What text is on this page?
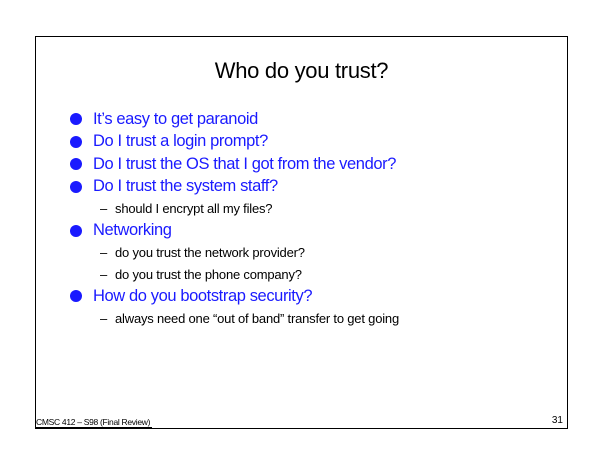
Who do you trust?
It’s easy to get paranoid
Do I trust a login prompt?
Do I trust the OS that I got from the vendor?
Do I trust the system staff?
– should I encrypt all my files?
Networking
– do you trust the network provider?
– do you trust the phone company?
How do you bootstrap security?
– always need one “out of band” transfer to get going
CMSC 412 – S98 (Final Review)	31
